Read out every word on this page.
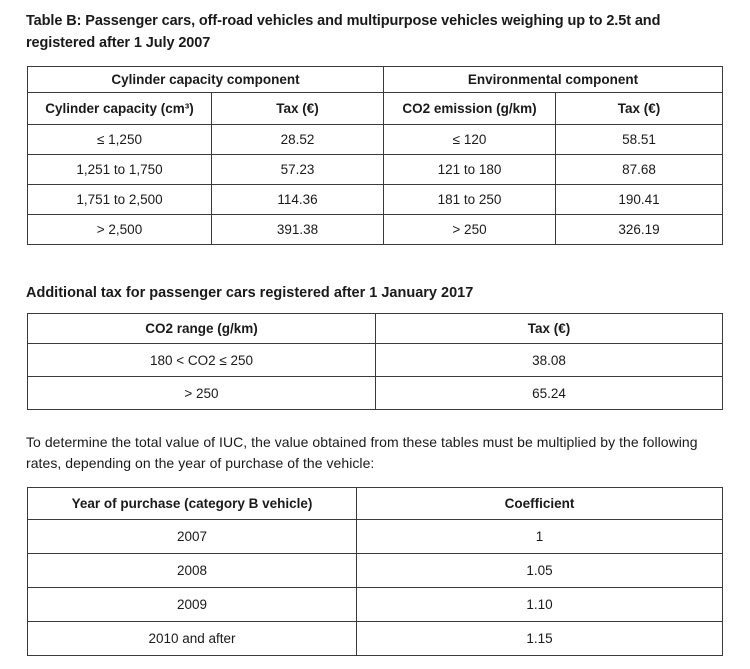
Table B: Passenger cars, off-road vehicles and multipurpose vehicles weighing up to 2.5t and registered after 1 July 2007
Cylinder capacity component		Environmental component	
Cylinder capacity (cm³)	Tax (€)	CO2 emission (g/km)	Tax (€)
≤ 1,250	28.52	≤ 120	58.51
1,251 to 1,750	57.23	121 to 180	87.68
1,751 to 2,500	114.36	181 to 250	190.41
> 2,500	391.38	> 250	326.19
Additional tax for passenger cars registered after 1 January 2017
CO2 range (g/km)	Tax (€)
180 < CO2 ≤ 250	38.08
> 250	65.24
To determine the total value of IUC, the value obtained from these tables must be multiplied by the following rates, depending on the year of purchase of the vehicle:
Year of purchase (category B vehicle)	Coefficient
2007	1
2008	1.05
2009	1.10
2010 and after	1.15
